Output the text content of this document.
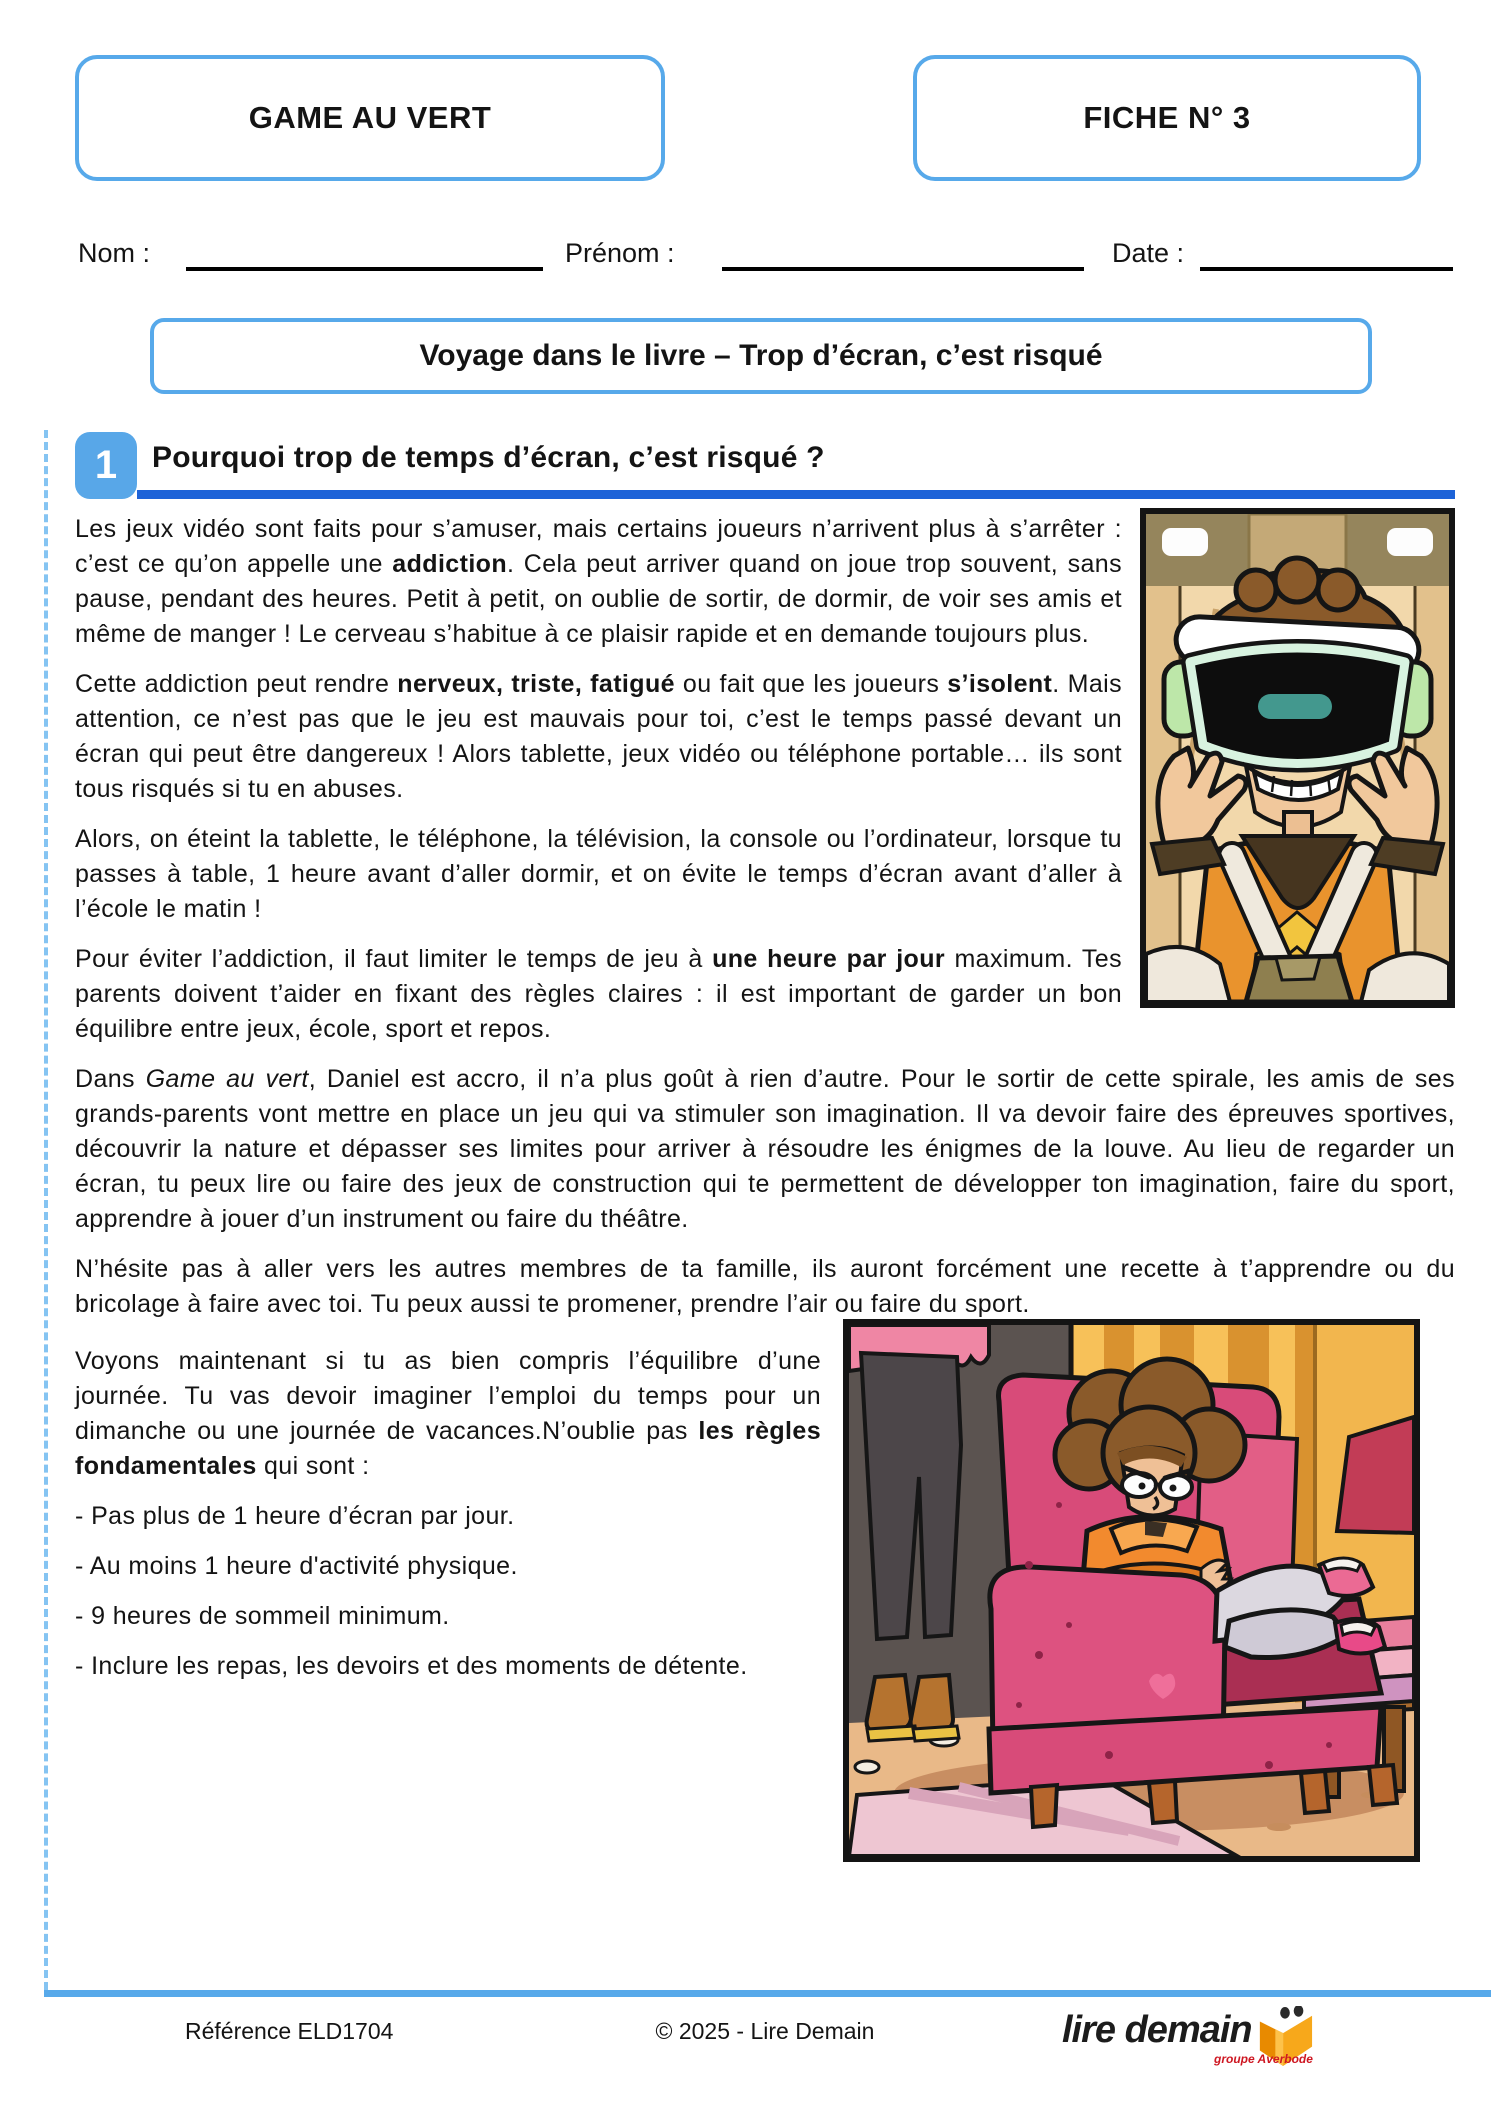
GAME AU VERT	FICHE N° 3
Nom :	Prénom :	Date :
Voyage dans le livre – Trop d’écran, c’est risqué
1 Pourquoi trop de temps d’écran, c’est risqué ?

Les jeux vidéo sont faits pour s’amuser, mais certains joueurs n’arrivent plus à s’arrêter : c’est ce qu’on appelle une addiction. Cela peut arriver quand on joue trop souvent, sans pause, pendant des heures. Petit à petit, on oublie de sortir, de dormir, de voir ses amis et même de manger ! Le cerveau s’habitue à ce plaisir rapide et en demande toujours plus.

Cette addiction peut rendre nerveux, triste, fatigué ou fait que les joueurs s’isolent. Mais attention, ce n’est pas que le jeu est mauvais pour toi, c’est le temps passé devant un écran qui peut être dangereux ! Alors tablette, jeux vidéo ou téléphone portable… ils sont tous risqués si tu en abuses.

Alors, on éteint la tablette, le téléphone, la télévision, la console ou l’ordinateur, lorsque tu passes à table, 1 heure avant d’aller dormir, et on évite le temps d’écran avant d’aller à l’école le matin !

Pour éviter l’addiction, il faut limiter le temps de jeu à une heure par jour maximum. Tes parents doivent t’aider en fixant des règles claires : il est important de garder un bon équilibre entre jeux, école, sport et repos.

Dans Game au vert, Daniel est accro, il n’a plus goût à rien d’autre. Pour le sortir de cette spirale, les amis de ses grands-parents vont mettre en place un jeu qui va stimuler son imagination. Il va devoir faire des épreuves sportives, découvrir la nature et dépasser ses limites pour arriver à résoudre les énigmes de la louve. Au lieu de regarder un écran, tu peux lire ou faire des jeux de construction qui te permettent de développer ton imagination, faire du sport, apprendre à jouer d’un instrument ou faire du théâtre.

N’hésite pas à aller vers les autres membres de ta famille, ils auront forcément une recette à t’apprendre ou du bricolage à faire avec toi. Tu peux aussi te promener, prendre l’air ou faire du sport.

Voyons maintenant si tu as bien compris l’équilibre d’une journée. Tu vas devoir imaginer l’emploi du temps pour un dimanche ou une journée de vacances.N’oublie pas les règles fondamentales qui sont :

- Pas plus de 1 heure d’écran par jour.

- Au moins 1 heure d'activité physique.

- 9 heures de sommeil minimum.

- Inclure les repas, les devoirs et des moments de détente.

Référence ELD1704	© 2025 - Lire Demain	lire demain
groupe Averbode
